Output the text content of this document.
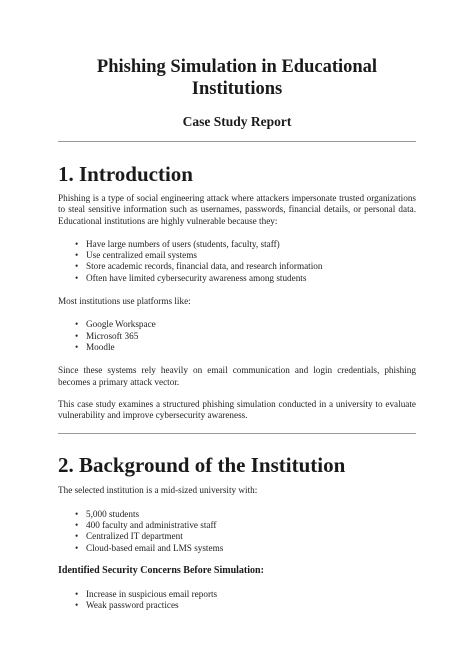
Phishing Simulation in Educational Institutions
Case Study Report
1. Introduction

Phishing is a type of social engineering attack where attackers impersonate trusted organizations to steal sensitive information such as usernames, passwords, financial details, or personal data. Educational institutions are highly vulnerable because they:

• Have large numbers of users (students, faculty, staff)
• Use centralized email systems
• Store academic records, financial data, and research information
• Often have limited cybersecurity awareness among students

Most institutions use platforms like:

• Google Workspace
• Microsoft 365
• Moodle

Since these systems rely heavily on email communication and login credentials, phishing becomes a primary attack vector.

This case study examines a structured phishing simulation conducted in a university to evaluate vulnerability and improve cybersecurity awareness.

2. Background of the Institution

The selected institution is a mid-sized university with:

• 5,000 students
• 400 faculty and administrative staff
• Centralized IT department
• Cloud-based email and LMS systems
Identified Security Concerns Before Simulation:
• Increase in suspicious email reports
• Weak password practices
